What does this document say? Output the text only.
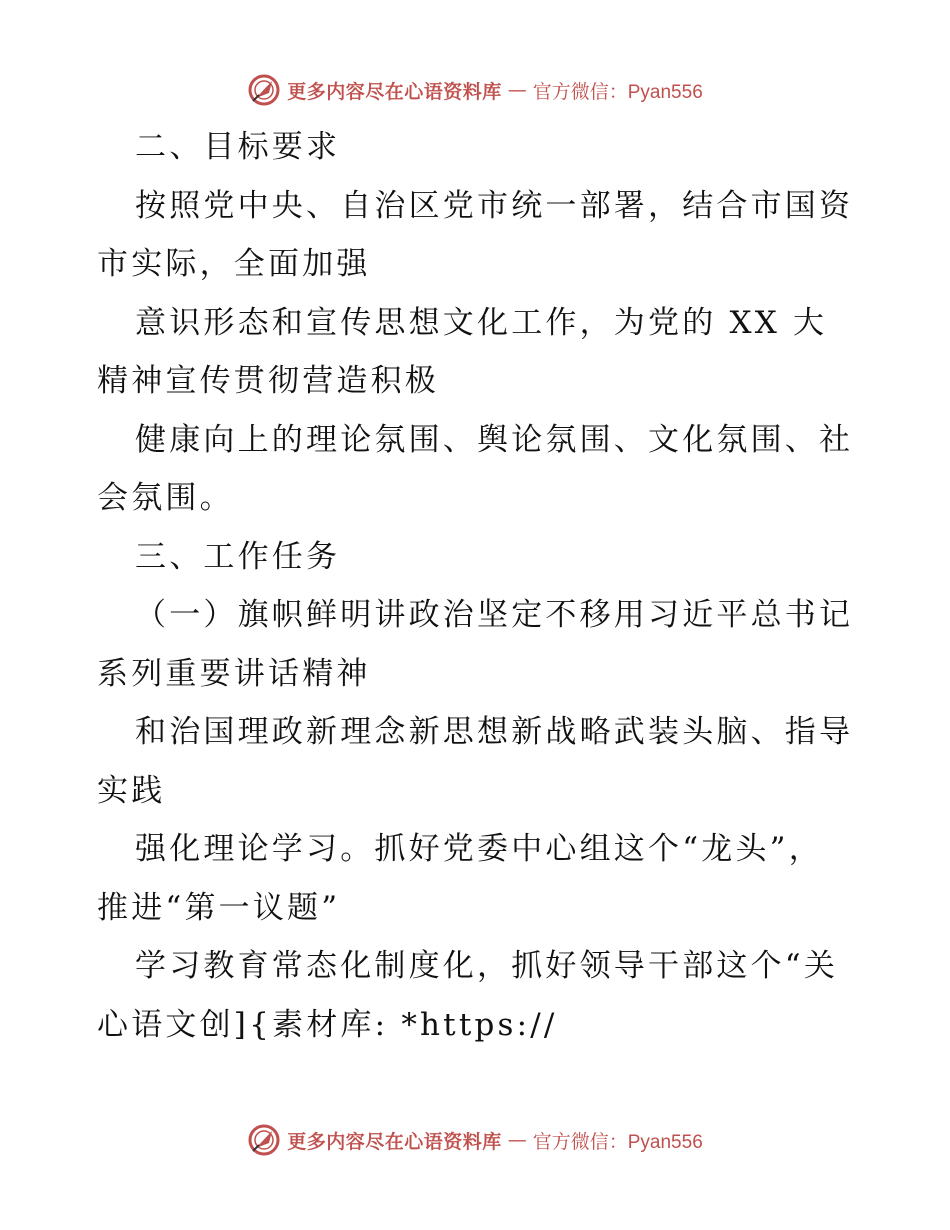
更多内容尽在心语资料库 — 官方微信：Pyan556

二、目标要求

按照党中央、自治区党市统一部署，结合市国资市实际，全面加强

意识形态和宣传思想文化工作，为党的 XX 大精神宣传贯彻营造积极

健康向上的理论氛围、舆论氛围、文化氛围、社会氛围。

三、工作任务

（一）旗帜鲜明讲政治坚定不移用习近平总书记系列重要讲话精神

和治国理政新理念新思想新战略武装头脑、指导实践

强化理论学习。抓好党委中心组这个“龙头”，推进“第一议题”

学习教育常态化制度化，抓好领导干部这个“关心语文创]{素材库: *https://

更多内容尽在心语资料库 — 官方微信：Pyan556
